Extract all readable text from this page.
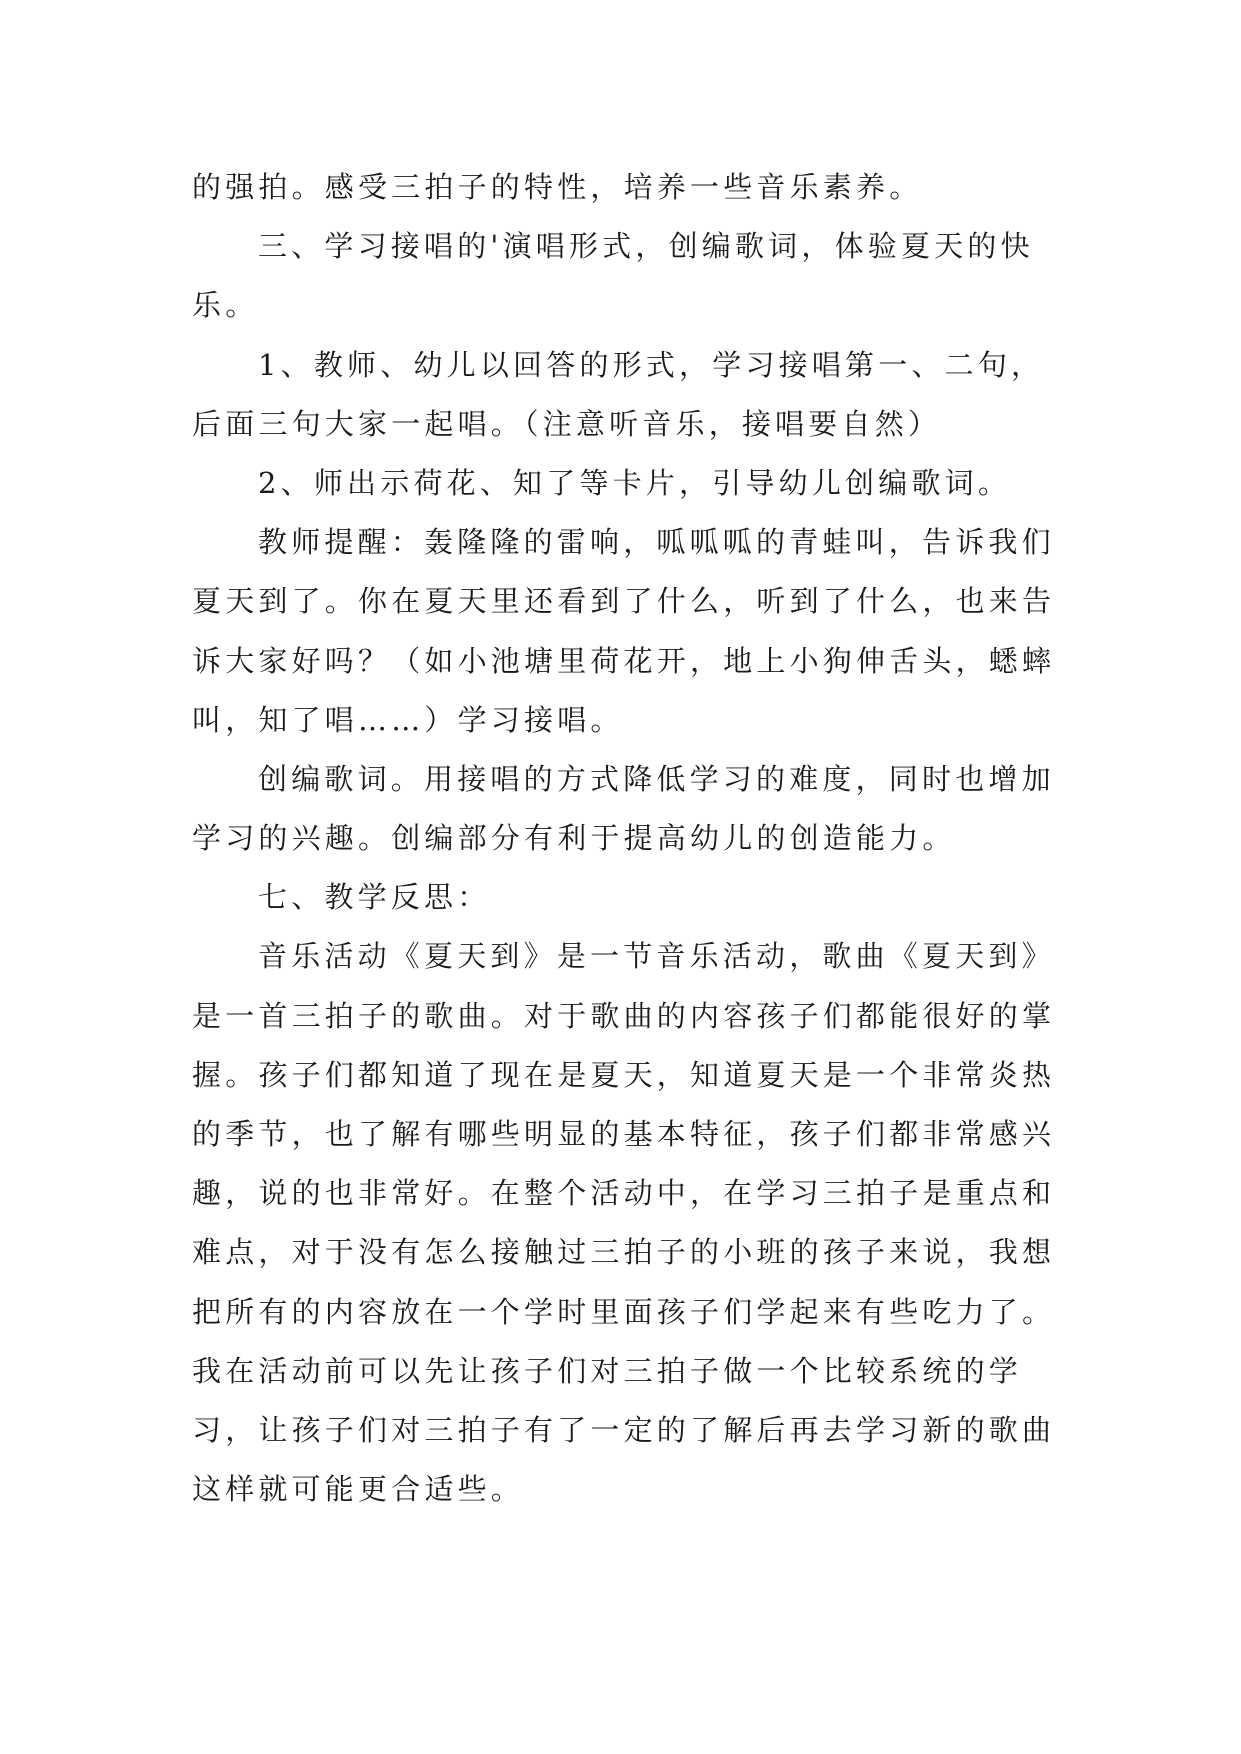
的强拍。感受三拍子的特性，培养一些音乐素养。
三、学习接唱的'演唱形式，创编歌词，体验夏天的快
乐。
1、教师、幼儿以回答的形式，学习接唱第一、二句，
后面三句大家一起唱。（注意听音乐，接唱要自然）
2、师出示荷花、知了等卡片，引导幼儿创编歌词。
教师提醒：轰隆隆的雷响，呱呱呱的青蛙叫，告诉我们
夏天到了。你在夏天里还看到了什么，听到了什么，也来告
诉大家好吗？（如小池塘里荷花开，地上小狗伸舌头，蟋蟀
叫，知了唱……）学习接唱。
创编歌词。用接唱的方式降低学习的难度，同时也增加
学习的兴趣。创编部分有利于提高幼儿的创造能力。
七、教学反思：
音乐活动《夏天到》是一节音乐活动，歌曲《夏天到》
是一首三拍子的歌曲。对于歌曲的内容孩子们都能很好的掌
握。孩子们都知道了现在是夏天，知道夏天是一个非常炎热
的季节，也了解有哪些明显的基本特征，孩子们都非常感兴
趣，说的也非常好。在整个活动中，在学习三拍子是重点和
难点，对于没有怎么接触过三拍子的小班的孩子来说，我想
把所有的内容放在一个学时里面孩子们学起来有些吃力了。
我在活动前可以先让孩子们对三拍子做一个比较系统的学
习，让孩子们对三拍子有了一定的了解后再去学习新的歌曲
这样就可能更合适些。
